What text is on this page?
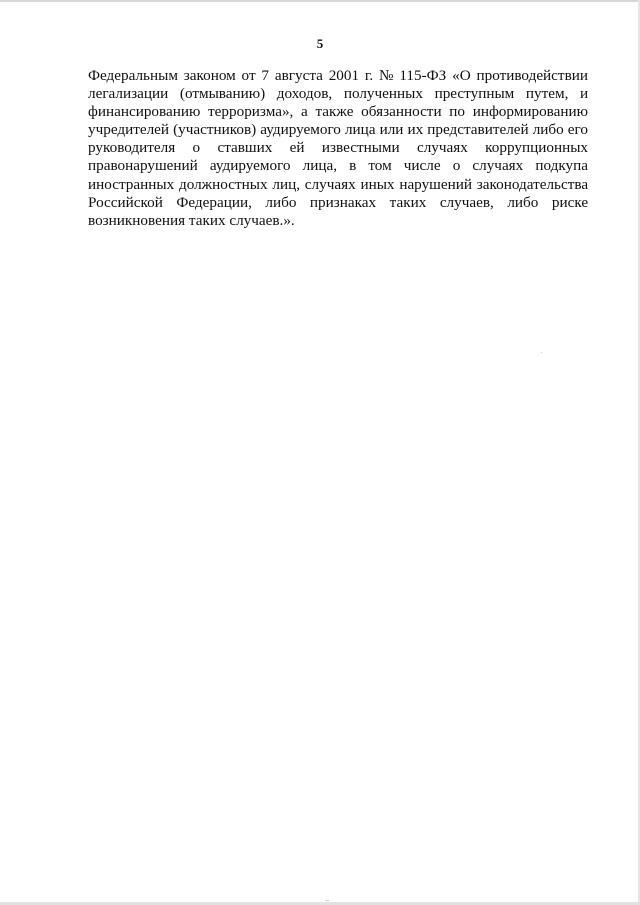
5
Федеральным законом от 7 августа 2001 г. № 115-ФЗ «О противодействии
легализации (отмыванию) доходов, полученных преступным путем, и
финансированию терроризма», а также обязанности по информированию
учредителей (участников) аудируемого лица или их представителей либо его
руководителя о ставших ей известными случаях коррупционных
правонарушений аудируемого лица, в том числе о случаях подкупа
иностранных должностных лиц, случаях иных нарушений законодательства
Российской Федерации, либо признаках таких случаев, либо риске
возникновения таких случаев.».
